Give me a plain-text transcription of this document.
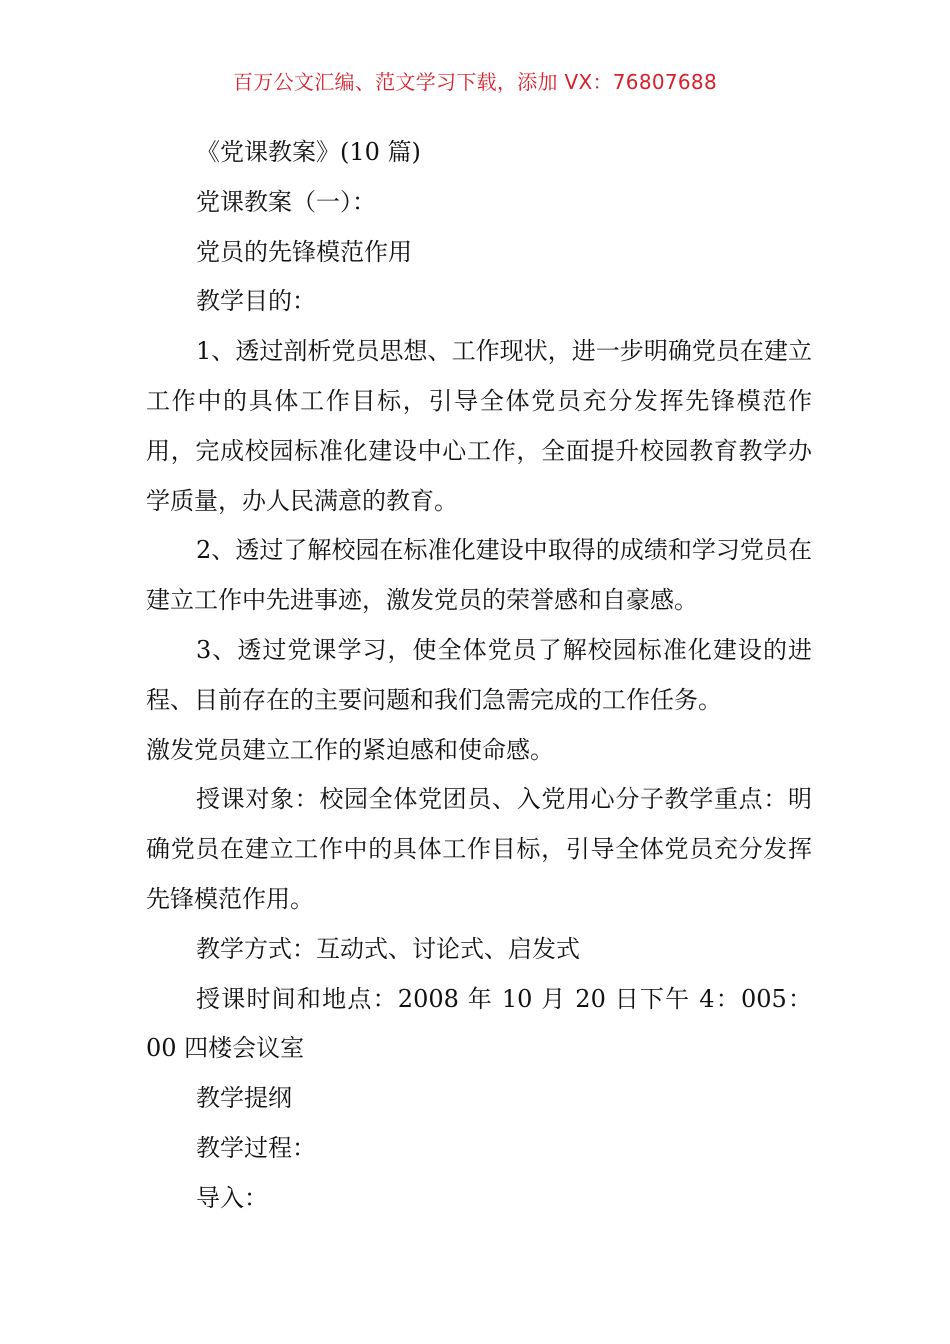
百万公文汇编、范文学习下载，添加 VX：76807688

《党课教案》(10 篇)

党课教案（一）：

党员的先锋模范作用

教学目的：

1、透过剖析党员思想、工作现状，进一步明确党员在建立工作中的具体工作目标，引导全体党员充分发挥先锋模范作用，完成校园标准化建设中心工作，全面提升校园教育教学办学质量，办人民满意的教育。

2、透过了解校园在标准化建设中取得的成绩和学习党员在建立工作中先进事迹，激发党员的荣誉感和自豪感。

3、透过党课学习，使全体党员了解校园标准化建设的进程、目前存在的主要问题和我们急需完成的工作任务。

激发党员建立工作的紧迫感和使命感。

授课对象：校园全体党团员、入党用心分子教学重点：明确党员在建立工作中的具体工作目标，引导全体党员充分发挥先锋模范作用。

教学方式：互动式、讨论式、启发式

授课时间和地点：2008 年 10 月 20 日下午 4：005：00 四楼会议室

教学提纲

教学过程：

导入：
